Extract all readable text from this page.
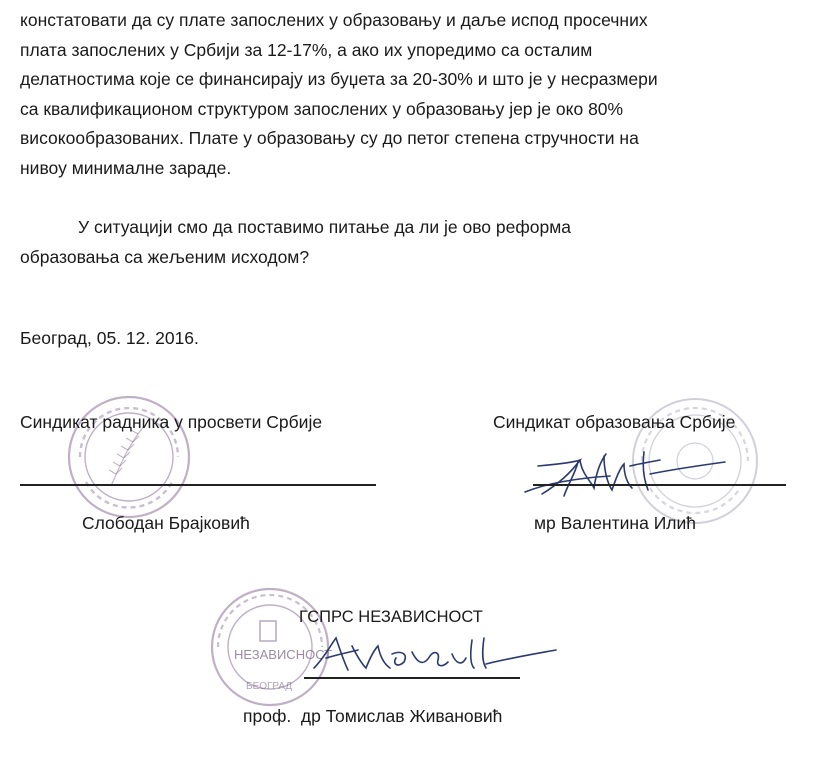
констатовати да су плате запослених у образовању и даље испод просечних
плата запослених у Србији за 12-17%, а ако их упоредимо са осталим
делатностима које се финансирају из буџета за 20-30% и што је у несразмери
са квалификационом структуром запослених у образовању јер је око 80%
високообразованих. Плате у образовању су до петог степена стручности на
нивоу минималне зараде.

У ситуацији смо да поставимо питање да ли је ово реформа
образовања са жељеним исходом?

Београд, 05. 12. 2016.
НЕЗАВИСНОСТ
БЕОГРАД
Синдикат радника у просвети Србије	Синдикат образовања Србије
ГСПРС НЕЗАВИСНОСТ
Слободан Брајковић	мр Валентина Илић
проф.  др Томислав Живановић
